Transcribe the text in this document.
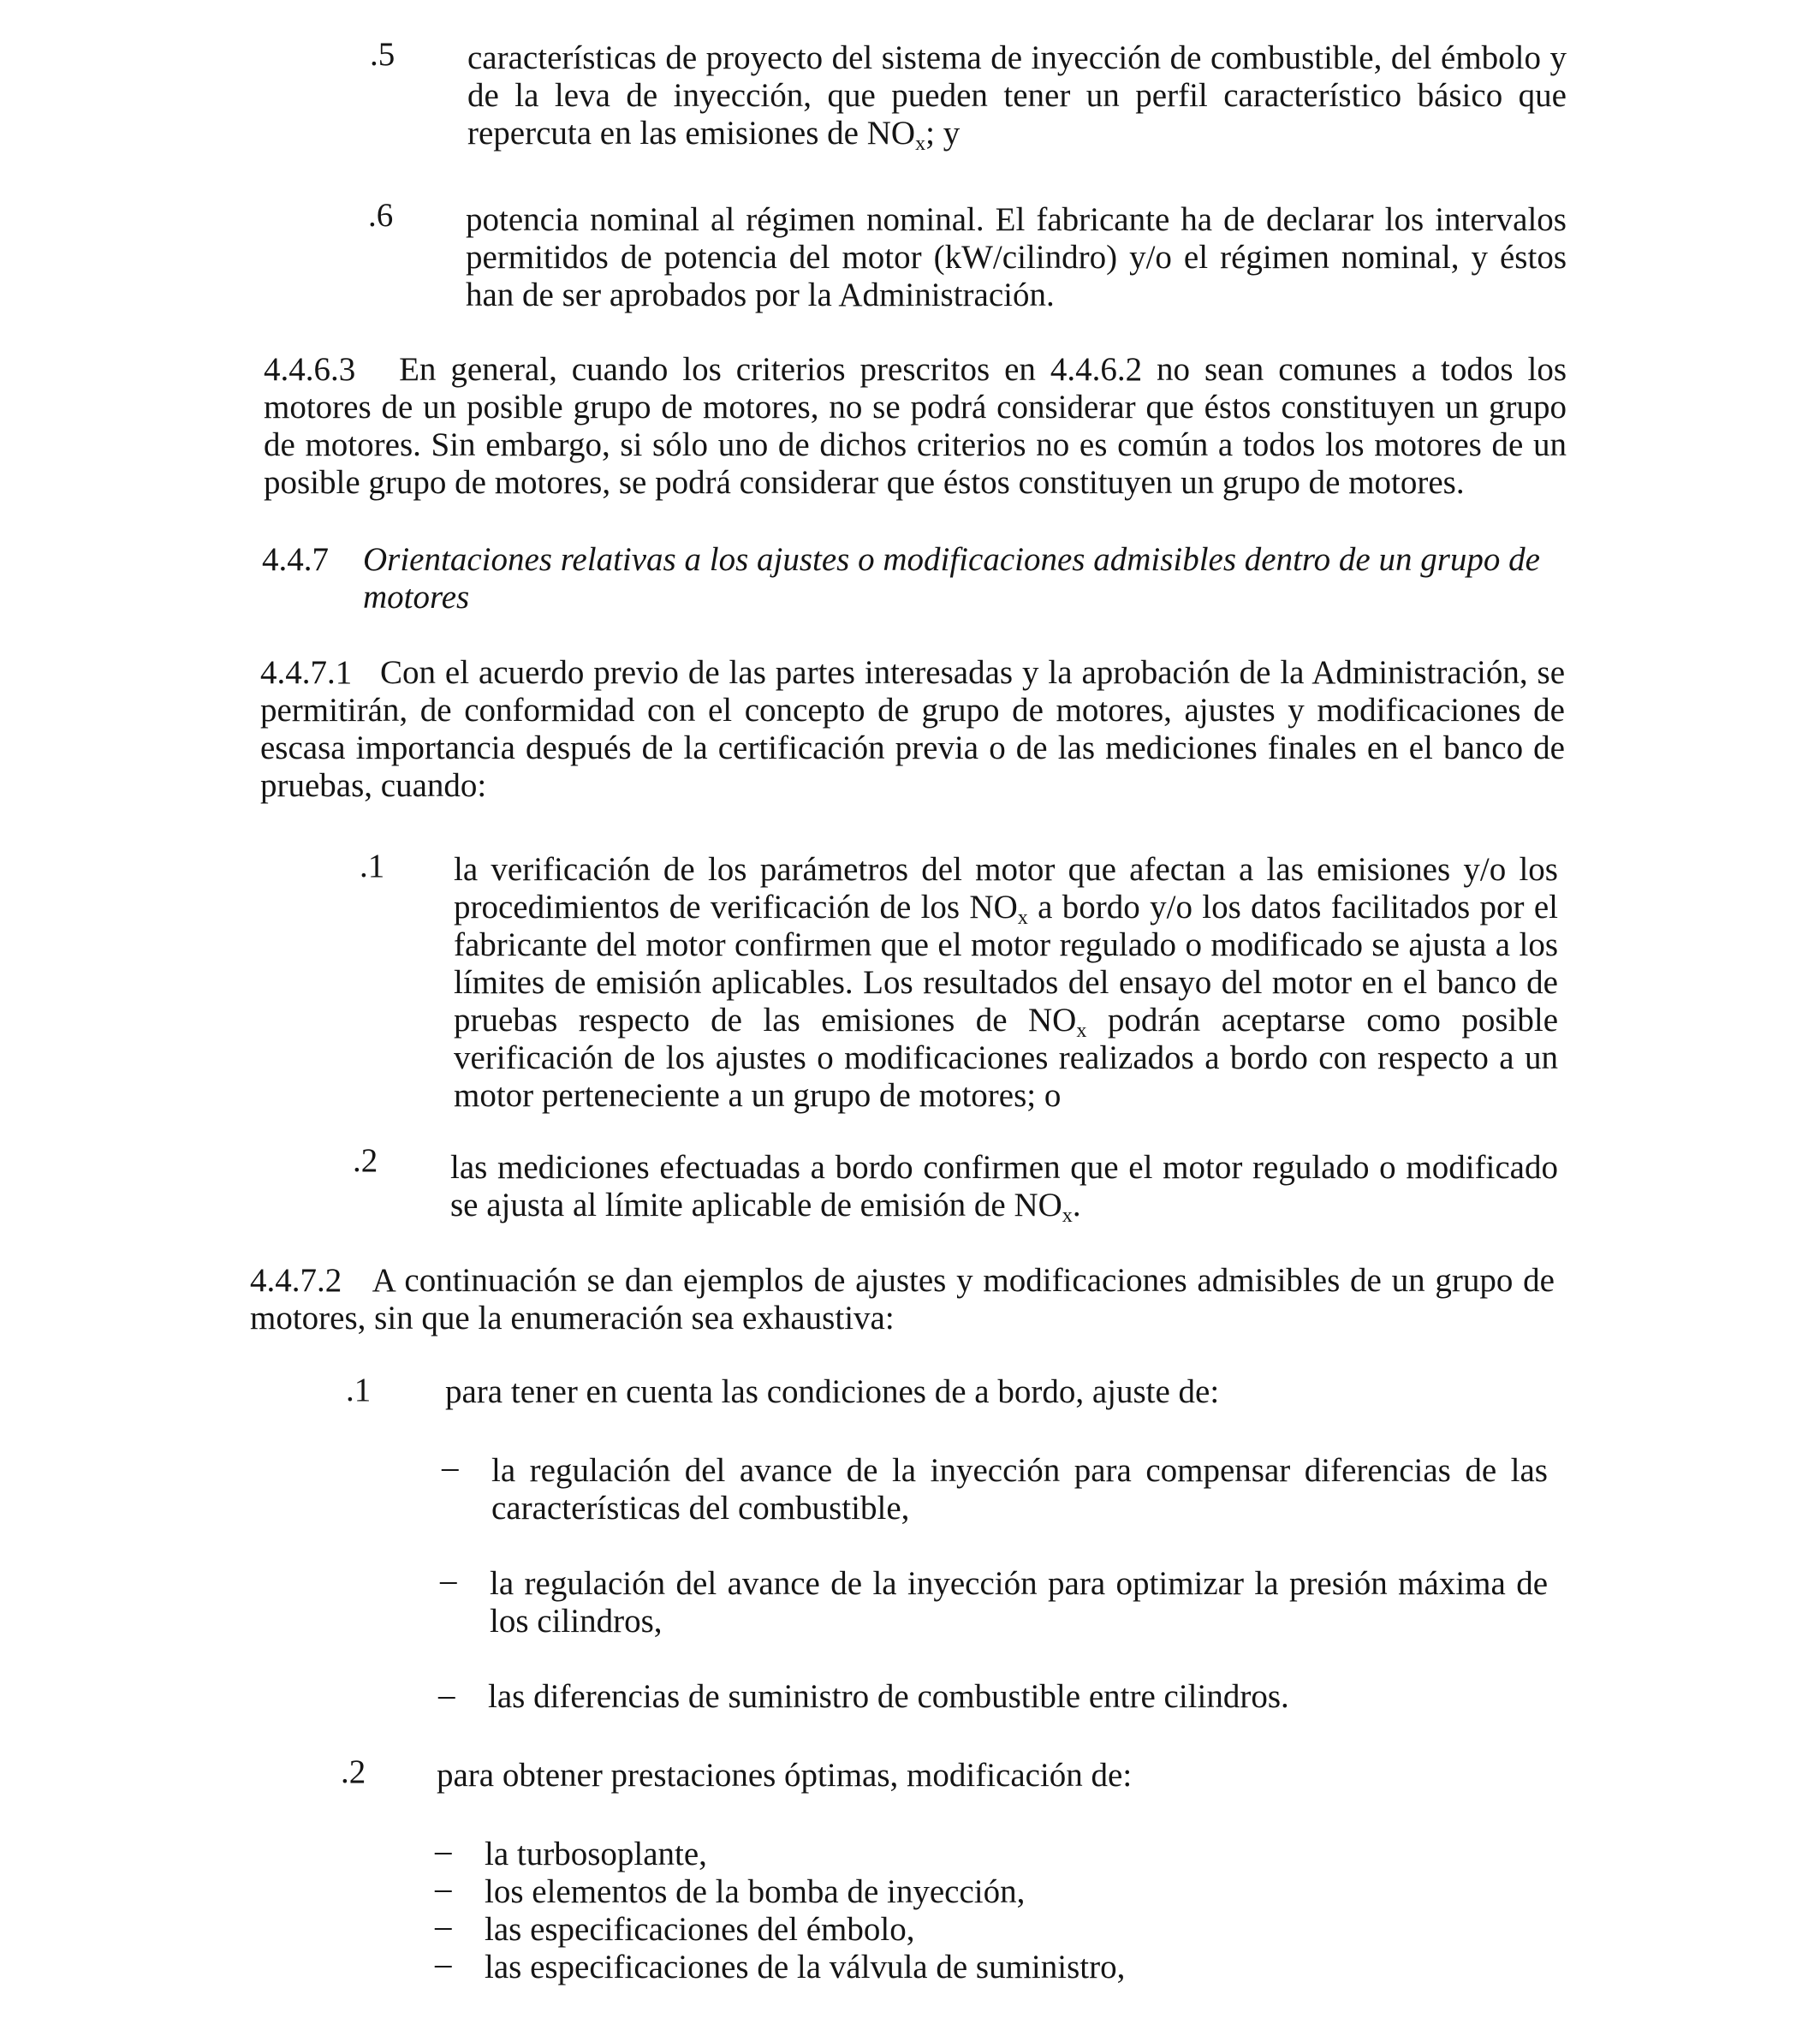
.5 características de proyecto del sistema de inyección de combustible, del émbolo y de la leva de inyección, que pueden tener un perfil característico básico que repercuta en las emisiones de $NO_x$; y
.6 potencia nominal al régimen nominal. El fabricante ha de declarar los intervalos permitidos de potencia del motor (kW/cilindro) y/o el régimen nominal, y éstos han de ser aprobados por la Administración.
4.4.6.3 En general, cuando los criterios prescritos en 4.4.6.2 no sean comunes a todos los motores de un posible grupo de motores, no se podrá considerar que éstos constituyen un grupo de motores. Sin embargo, si sólo uno de dichos criterios no es común a todos los motores de un posible grupo de motores, se podrá considerar que éstos constituyen un grupo de motores.
4.4.7 Orientaciones relativas a los ajustes o modificaciones admisibles dentro de un grupo de motores
4.4.7.1 Con el acuerdo previo de las partes interesadas y la aprobación de la Administración, se permitirán, de conformidad con el concepto de grupo de motores, ajustes y modificaciones de escasa importancia después de la certificación previa o de las mediciones finales en el banco de pruebas, cuando:
.1 la verificación de los parámetros del motor que afectan a las emisiones y/o los procedimientos de verificación de los $NO_x$ a bordo y/o los datos facilitados por el fabricante del motor confirmen que el motor regulado o modificado se ajusta a los límites de emisión aplicables. Los resultados del ensayo del motor en el banco de pruebas respecto de las emisiones de $NO_x$ podrán aceptarse como posible verificación de los ajustes o modificaciones realizados a bordo con respecto a un motor perteneciente a un grupo de motores; o
.2 las mediciones efectuadas a bordo confirmen que el motor regulado o modificado se ajusta al límite aplicable de emisión de $NO_x$.
4.4.7.2 A continuación se dan ejemplos de ajustes y modificaciones admisibles de un grupo de motores, sin que la enumeración sea exhaustiva:
.1 para tener en cuenta las condiciones de a bordo, ajuste de:
– la regulación del avance de la inyección para compensar diferencias de las características del combustible,
– la regulación del avance de la inyección para optimizar la presión máxima de los cilindros,
– las diferencias de suministro de combustible entre cilindros.
.2 para obtener prestaciones óptimas, modificación de:
– la turbosoplante,
– los elementos de la bomba de inyección,
– las especificaciones del émbolo,
– las especificaciones de la válvula de suministro,
